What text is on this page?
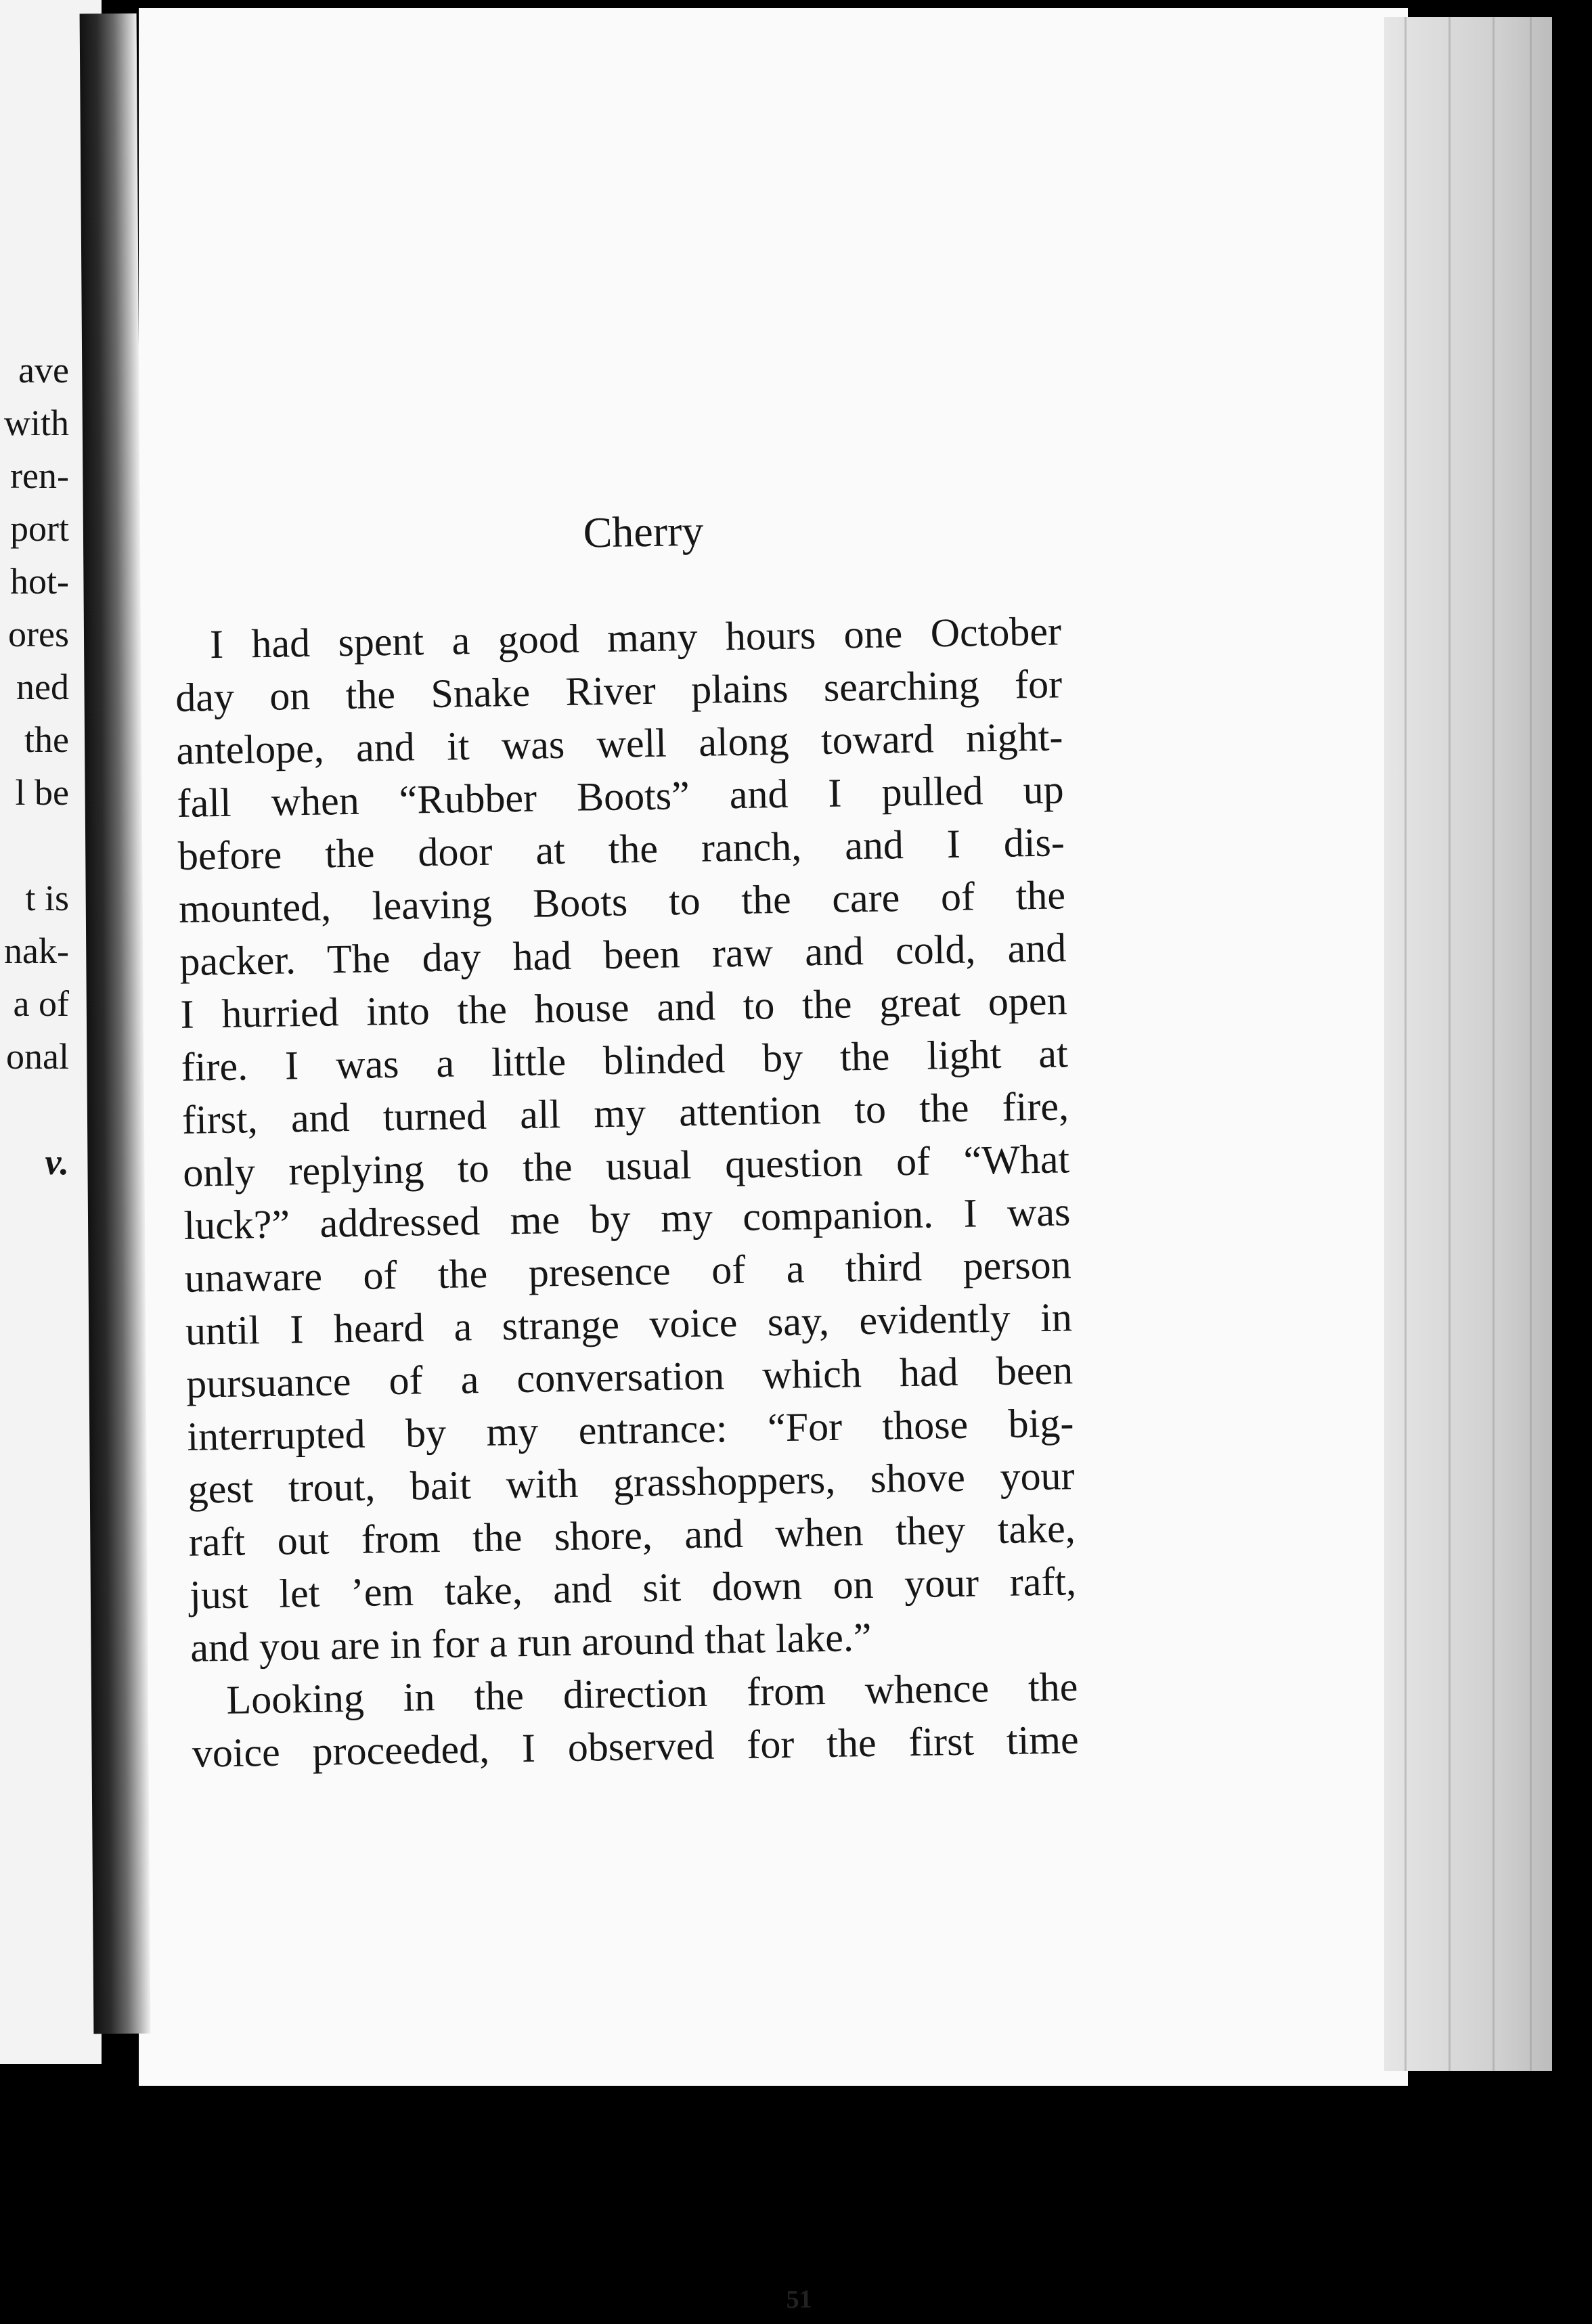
ave
with
ren-
port
hot-
ores
ned
the
l be
t is
nak-
a of
onal
v.
Cherry
I had spent a good many hours one October
day on the Snake River plains searching for
antelope, and it was well along toward night-
fall when “Rubber Boots” and I pulled up
before the door at the ranch, and I dis-
mounted, leaving Boots to the care of the
packer. The day had been raw and cold, and
I hurried into the house and to the great open
fire. I was a little blinded by the light at
first, and turned all my attention to the fire,
only replying to the usual question of “What
luck?” addressed me by my companion. I was
unaware of the presence of a third person
until I heard a strange voice say, evidently in
pursuance of a conversation which had been
interrupted by my entrance: “For those big-
gest trout, bait with grasshoppers, shove your
raft out from the shore, and when they take,
just let ’em take, and sit down on your raft,
and you are in for a run around that lake.”
Looking in the direction from whence the
voice proceeded, I observed for the first time
51
